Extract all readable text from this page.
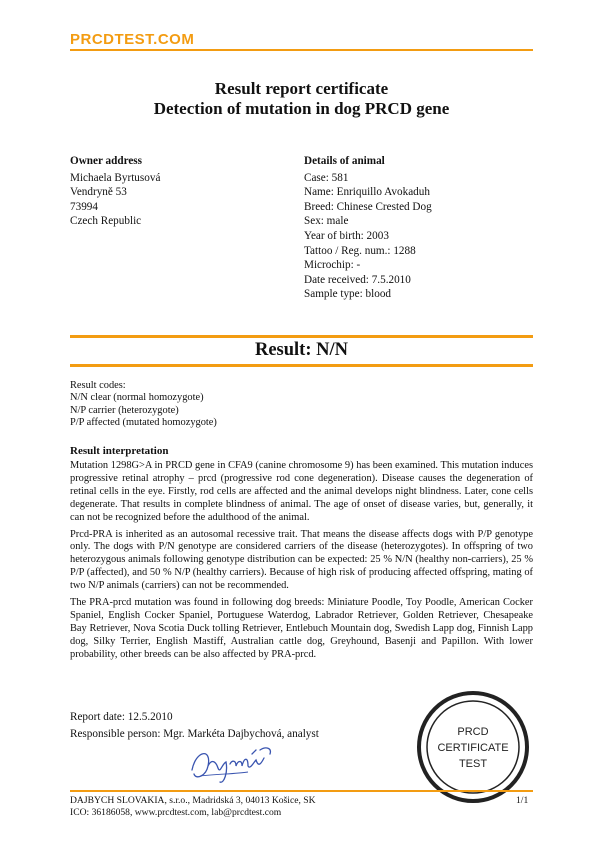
PRCDTEST.COM
Result report certificate
Detection of mutation in dog PRCD gene
Owner address
Michaela Byrtusová
Vendryně 53
73994
Czech Republic
Details of animal
Case: 581
Name: Enriquillo Avokaduh
Breed: Chinese Crested Dog
Sex: male
Year of birth: 2003
Tattoo / Reg. num.: 1288
Microchip: -
Date received: 7.5.2010
Sample type: blood
Result: N/N
Result codes:
N/N clear (normal homozygote)
N/P carrier (heterozygote)
P/P affected (mutated homozygote)
Result interpretation

Mutation 1298G>A in PRCD gene in CFA9 (canine chromosome 9) has been examined. This mutation induces progressive retinal atrophy – prcd (progressive rod cone degeneration). Disease causes the degeneration of retinal cells in the eye. Firstly, rod cells are affected and the animal develops night blindness. Later, cone cells degenerate. That results in complete blindness of animal. The age of onset of disease varies, but, generally, it can not be recognized before the adulthood of the animal.

Prcd-PRA is inherited as an autosomal recessive trait. That means the disease affects dogs with P/P genotype only. The dogs with P/N genotype are considered carriers of the disease (heterozygotes). In offspring of two heterozygous animals following genotype distribution can be expected: 25 % N/N (healthy non-carriers), 25 % P/P (affected), and 50 % N/P (healthy carriers). Because of high risk of producing affected offspring, mating of two N/P animals (carriers) can not be recommended.

The PRA-prcd mutation was found in following dog breeds: Miniature Poodle, Toy Poodle, American Cocker Spaniel, English Cocker Spaniel, Portuguese Waterdog, Labrador Retriever, Golden Retriever, Chesapeake Bay Retriever, Nova Scotia Duck tolling Retriever, Entlebuch Mountain dog, Swedish Lapp dog, Finnish Lapp dog, Silky Terrier, English Mastiff, Australian cattle dog, Greyhound, Basenji and Papillon. With lower probability, other breeds can be also affected by PRA-prcd.

Report date: 12.5.2010
Responsible person: Mgr. Markéta Dajbychová, analyst	PRCD
CERTIFICATE
TEST
DAJBYCH SLOVAKIA, s.r.o., Madridská 3, 04013 Košice, SK
ICO: 36186058, www.prcdtest.com, lab@prcdtest.com
1/1
